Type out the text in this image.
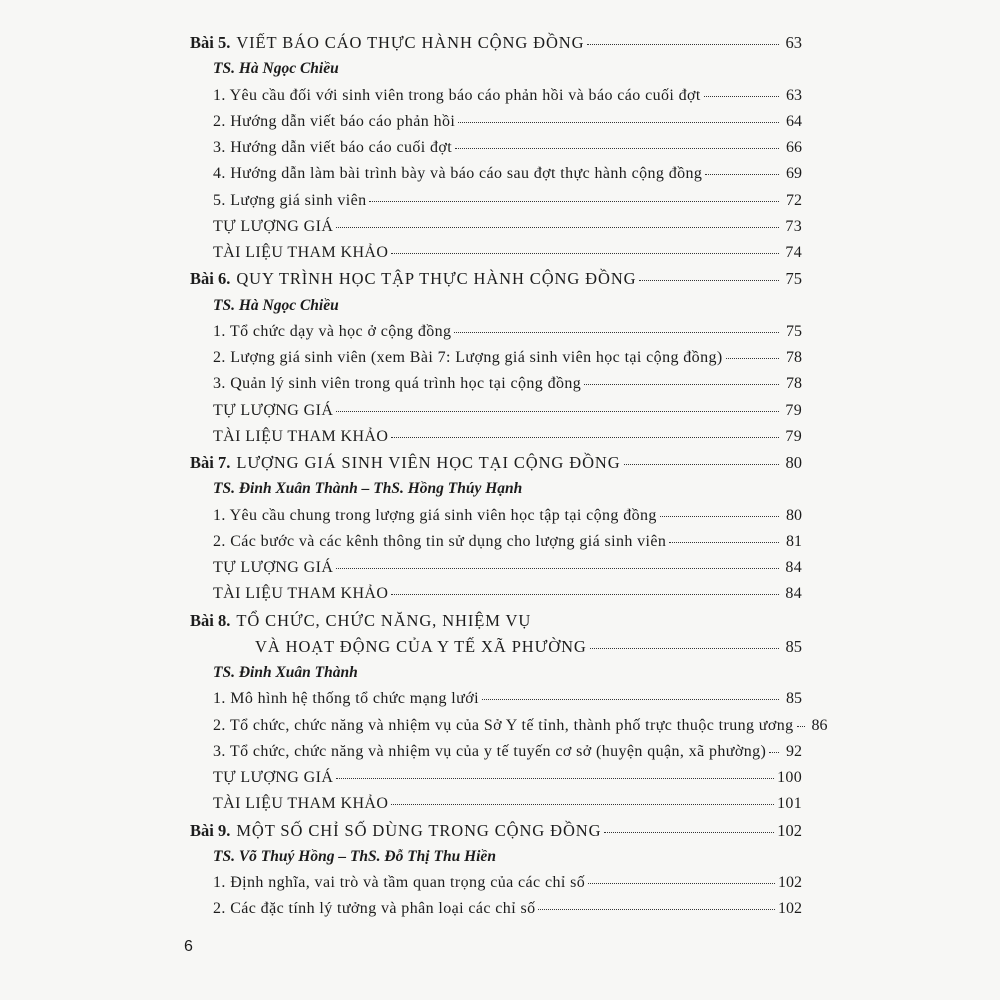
Bài 5. VIẾT BÁO CÁO THỰC HÀNH CỘNG ĐỒNG	63
TS. Hà Ngọc Chiều
1. Yêu cầu đối với sinh viên trong báo cáo phản hồi và báo cáo cuối đợt	63
2. Hướng dẫn viết báo cáo phản hồi	64
3. Hướng dẫn viết báo cáo cuối đợt	66
4. Hướng dẫn làm bài trình bày và báo cáo sau đợt thực hành cộng đồng	69
5. Lượng giá sinh viên	72
TỰ LƯỢNG GIÁ	73
TÀI LIỆU THAM KHẢO	74
Bài 6. QUY TRÌNH HỌC TẬP THỰC HÀNH CỘNG ĐỒNG	75
TS. Hà Ngọc Chiều
1. Tổ chức dạy và học ở cộng đồng	75
2. Lượng giá sinh viên (xem Bài 7: Lượng giá sinh viên học tại cộng đồng)	78
3. Quản lý sinh viên trong quá trình học tại cộng đồng	78
TỰ LƯỢNG GIÁ	79
TÀI LIỆU THAM KHẢO	79
Bài 7. LƯỢNG GIÁ SINH VIÊN HỌC TẠI CỘNG ĐỒNG	80
TS. Đinh Xuân Thành – ThS. Hồng Thúy Hạnh
1. Yêu cầu chung trong lượng giá sinh viên học tập tại cộng đồng	80
2. Các bước và các kênh thông tin sử dụng cho lượng giá sinh viên	81
TỰ LƯỢNG GIÁ	84
TÀI LIỆU THAM KHẢO	84
Bài 8. TỔ CHỨC, CHỨC NĂNG, NHIỆM VỤ
VÀ HOẠT ĐỘNG CỦA Y TẾ XÃ PHƯỜNG	85
TS. Đinh Xuân Thành
1. Mô hình hệ thống tổ chức mạng lưới	85
2. Tổ chức, chức năng và nhiệm vụ của Sở Y tế tỉnh, thành phố trực thuộc trung ương 86
3. Tổ chức, chức năng và nhiệm vụ của y tế tuyến cơ sở (huyện quận, xã phường) 92
TỰ LƯỢNG GIÁ	100
TÀI LIỆU THAM KHẢO	101
Bài 9. MỘT SỐ CHỈ SỐ DÙNG TRONG CỘNG ĐỒNG	102
TS. Võ Thuý Hồng – ThS. Đỗ Thị Thu Hiền
1. Định nghĩa, vai trò và tầm quan trọng của các chỉ số	102
2. Các đặc tính lý tưởng và phân loại các chỉ số	102
6
